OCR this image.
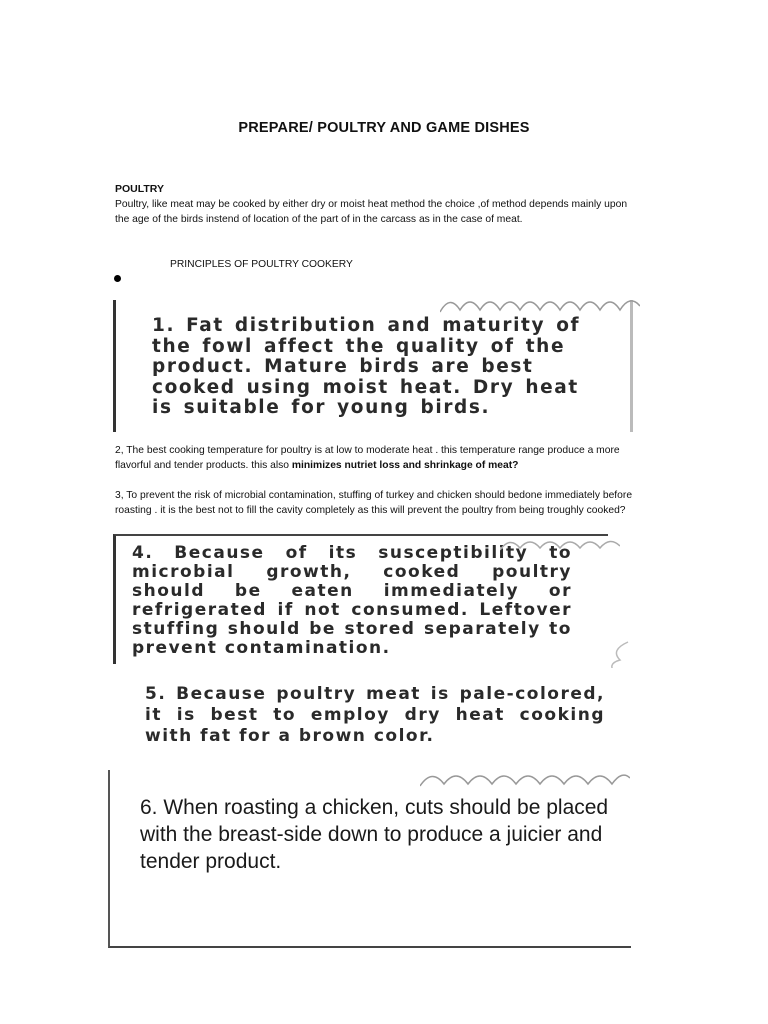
PREPARE/ POULTRY AND GAME DISHES
POULTRY
Poultry, like meat may be cooked by either dry or moist heat method the choice ,of method depends mainly upon the age of the birds instend of location of the part of in the carcass as in the case of meat.
PRINCIPLES OF POULTRY COOKERY
1. Fat distribution and maturity of the fowl affect the quality of the product. Mature birds are best cooked using moist heat. Dry heat is suitable for young birds.
2, The best cooking temperature for poultry is at low to moderate heat . this temperature range produce a more flavorful and tender products. this also minimizes nutriet loss and shrinkage of meat?
3, To prevent the risk of microbial contamination, stuffing of turkey and chicken should bedone immediately before roasting . it is the best not to fill the cavity completely as this will prevent the poultry from being troughly cooked?
4. Because of its susceptibility to microbial growth, cooked poultry should be eaten immediately or refrigerated if not consumed. Leftover stuffing should be stored separately to prevent contamination.
5. Because poultry meat is pale-colored, it is best to employ dry heat cooking with fat for a brown color.
6. When roasting a chicken, cuts should be placed with the breast-side down to produce a juicier and tender product.
